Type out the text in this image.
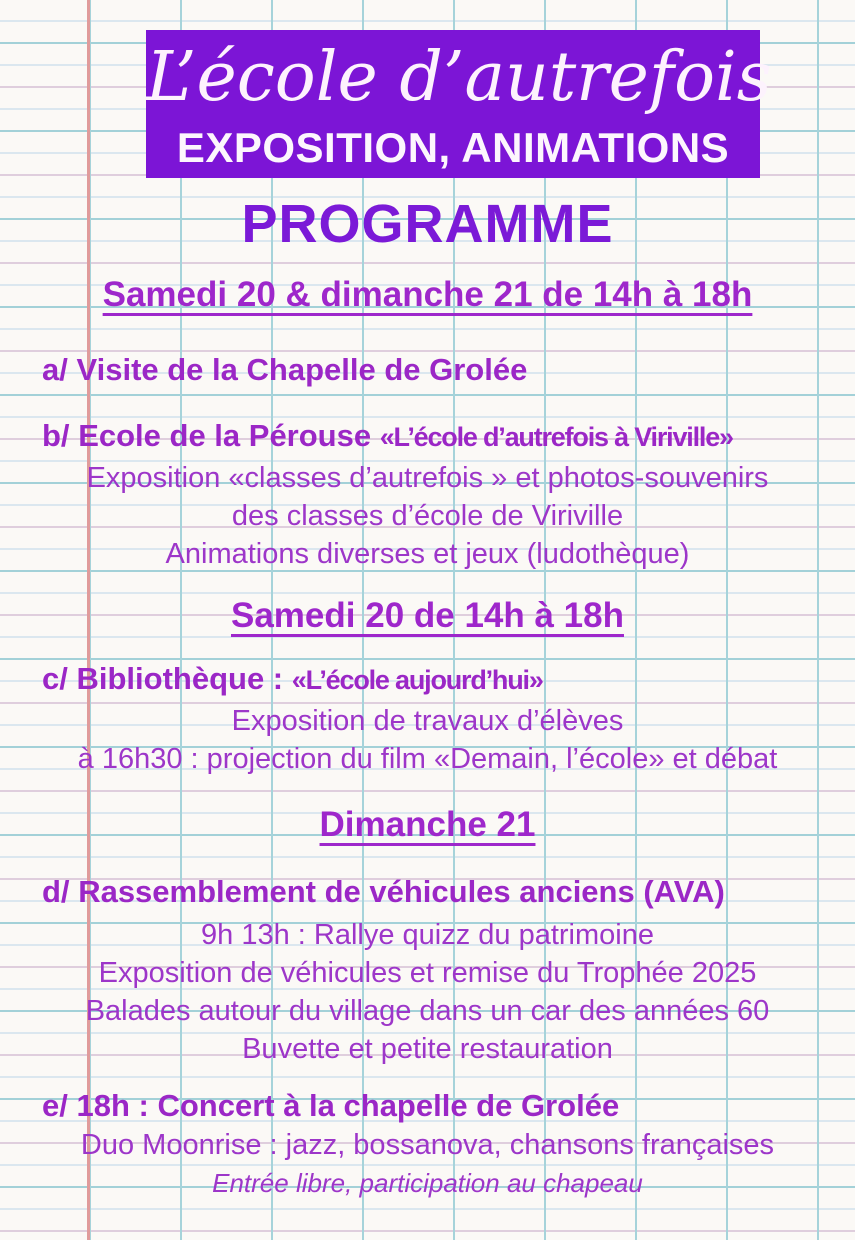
L’école d’autrefois
EXPOSITION, ANIMATIONS
PROGRAMME
Samedi 20 & dimanche 21 de 14h à 18h
a/ Visite de la Chapelle de Grolée
b/ Ecole de la Pérouse «L’école d’autrefois à Viriville»
Exposition «classes d’autrefois » et photos-souvenirs
des classes d’école de Viriville
Animations diverses et jeux (ludothèque)
Samedi 20 de 14h à 18h
c/ Bibliothèque : «L’école aujourd’hui»
Exposition de travaux d’élèves
à 16h30 : projection du film «Demain, l’école» et débat
Dimanche 21
d/ Rassemblement de véhicules anciens (AVA)
9h 13h : Rallye quizz du patrimoine
Exposition de véhicules et remise du Trophée 2025
Balades autour du village dans un car des années 60
Buvette et petite restauration
e/ 18h : Concert à la chapelle de Grolée
Duo Moonrise : jazz, bossanova, chansons françaises
Entrée libre, participation au chapeau
